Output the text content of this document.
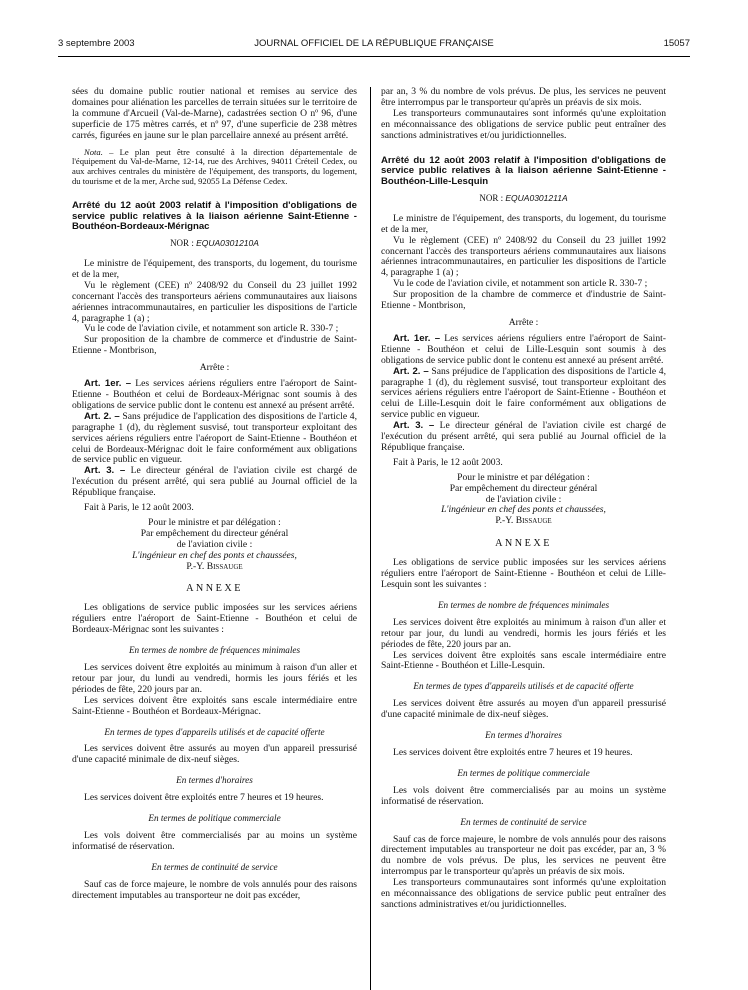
3 septembre 2003	JOURNAL OFFICIEL DE LA RÉPUBLIQUE FRANÇAISE	15057

sées du domaine public routier national et remises au service des domaines pour aliénation les parcelles de terrain situées sur le territoire de la commune d'Arcueil (Val-de-Marne), cadastrées section O nº 96, d'une superficie de 175 mètres carrés, et nº 97, d'une superficie de 238 mètres carrés, figurées en jaune sur le plan parcellaire annexé au présent arrêté.

Nota. – Le plan peut être consulté à la direction départementale de l'équipement du Val-de-Marne, 12-14, rue des Archives, 94011 Créteil Cedex, ou aux archives centrales du ministère de l'équipement, des transports, du logement, du tourisme et de la mer, Arche sud, 92055 La Défense Cedex.

Arrêté du 12 août 2003 relatif à l'imposition d'obligations de service public relatives à la liaison aérienne Saint-Etienne - Bouthéon-Bordeaux-Mérignac
NOR : EQUA0301210A

Le ministre de l'équipement, des transports, du logement, du tourisme et de la mer,

Vu le règlement (CEE) nº 2408/92 du Conseil du 23 juillet 1992 concernant l'accès des transporteurs aériens communautaires aux liaisons aériennes intracommunautaires, en particulier les dispositions de l'article 4, paragraphe 1 (a) ;

Vu le code de l'aviation civile, et notamment son article R. 330-7 ;

Sur proposition de la chambre de commerce et d'industrie de Saint-Etienne - Montbrison,

Arrête :

Art. 1er. – Les services aériens réguliers entre l'aéroport de Saint-Etienne - Bouthéon et celui de Bordeaux-Mérignac sont soumis à des obligations de service public dont le contenu est annexé au présent arrêté.

Art. 2. – Sans préjudice de l'application des dispositions de l'article 4, paragraphe 1 (d), du règlement susvisé, tout transporteur exploitant des services aériens réguliers entre l'aéroport de Saint-Etienne - Bouthéon et celui de Bordeaux-Mérignac doit le faire conformément aux obligations de service public en vigueur.

Art. 3. – Le directeur général de l'aviation civile est chargé de l'exécution du présent arrêté, qui sera publié au Journal officiel de la République française.

Fait à Paris, le 12 août 2003.

Pour le ministre et par délégation :

Par empêchement du directeur général

de l'aviation civile :

L'ingénieur en chef des ponts et chaussées,

P.-Y. Bissauge

ANNEXE

Les obligations de service public imposées sur les services aériens réguliers entre l'aéroport de Saint-Etienne - Bouthéon et celui de Bordeaux-Mérignac sont les suivantes :

En termes de nombre de fréquences minimales

Les services doivent être exploités au minimum à raison d'un aller et retour par jour, du lundi au vendredi, hormis les jours fériés et les périodes de fête, 220 jours par an.

Les services doivent être exploités sans escale intermédiaire entre Saint-Etienne - Bouthéon et Bordeaux-Mérignac.

En termes de types d'appareils utilisés et de capacité offerte

Les services doivent être assurés au moyen d'un appareil pressurisé d'une capacité minimale de dix-neuf sièges.

En termes d'horaires

Les services doivent être exploités entre 7 heures et 19 heures.

En termes de politique commerciale

Les vols doivent être commercialisés par au moins un système informatisé de réservation.

En termes de continuité de service

Sauf cas de force majeure, le nombre de vols annulés pour des raisons directement imputables au transporteur ne doit pas excéder,

par an, 3 % du nombre de vols prévus. De plus, les services ne peuvent être interrompus par le transporteur qu'après un préavis de six mois.

Les transporteurs communautaires sont informés qu'une exploitation en méconnaissance des obligations de service public peut entraîner des sanctions administratives et/ou juridictionnelles.

Arrêté du 12 août 2003 relatif à l'imposition d'obligations de service public relatives à la liaison aérienne Saint-Etienne - Bouthéon-Lille-Lesquin
NOR : EQUA0301211A

Le ministre de l'équipement, des transports, du logement, du tourisme et de la mer,

Vu le règlement (CEE) nº 2408/92 du Conseil du 23 juillet 1992 concernant l'accès des transporteurs aériens communautaires aux liaisons aériennes intracommunautaires, en particulier les dispositions de l'article 4, paragraphe 1 (a) ;

Vu le code de l'aviation civile, et notamment son article R. 330-7 ;

Sur proposition de la chambre de commerce et d'industrie de Saint-Etienne - Montbrison,

Arrête :

Art. 1er. – Les services aériens réguliers entre l'aéroport de Saint-Etienne - Bouthéon et celui de Lille-Lesquin sont soumis à des obligations de service public dont le contenu est annexé au présent arrêté.

Art. 2. – Sans préjudice de l'application des dispositions de l'article 4, paragraphe 1 (d), du règlement susvisé, tout transporteur exploitant des services aériens réguliers entre l'aéroport de Saint-Etienne - Bouthéon et celui de Lille-Lesquin doit le faire conformément aux obligations de service public en vigueur.

Art. 3. – Le directeur général de l'aviation civile est chargé de l'exécution du présent arrêté, qui sera publié au Journal officiel de la République française.

Fait à Paris, le 12 août 2003.

Pour le ministre et par délégation :

Par empêchement du directeur général

de l'aviation civile :

L'ingénieur en chef des ponts et chaussées,

P.-Y. Bissauge

ANNEXE

Les obligations de service public imposées sur les services aériens réguliers entre l'aéroport de Saint-Etienne - Bouthéon et celui de Lille-Lesquin sont les suivantes :

En termes de nombre de fréquences minimales

Les services doivent être exploités au minimum à raison d'un aller et retour par jour, du lundi au vendredi, hormis les jours fériés et les périodes de fête, 220 jours par an.

Les services doivent être exploités sans escale intermédiaire entre Saint-Etienne - Bouthéon et Lille-Lesquin.

En termes de types d'appareils utilisés et de capacité offerte

Les services doivent être assurés au moyen d'un appareil pressurisé d'une capacité minimale de dix-neuf sièges.

En termes d'horaires

Les services doivent être exploités entre 7 heures et 19 heures.

En termes de politique commerciale

Les vols doivent être commercialisés par au moins un système informatisé de réservation.

En termes de continuité de service

Sauf cas de force majeure, le nombre de vols annulés pour des raisons directement imputables au transporteur ne doit pas excéder, par an, 3 % du nombre de vols prévus. De plus, les services ne peuvent être interrompus par le transporteur qu'après un préavis de six mois.

Les transporteurs communautaires sont informés qu'une exploitation en méconnaissance des obligations de service public peut entraîner des sanctions administratives et/ou juridictionnelles.
